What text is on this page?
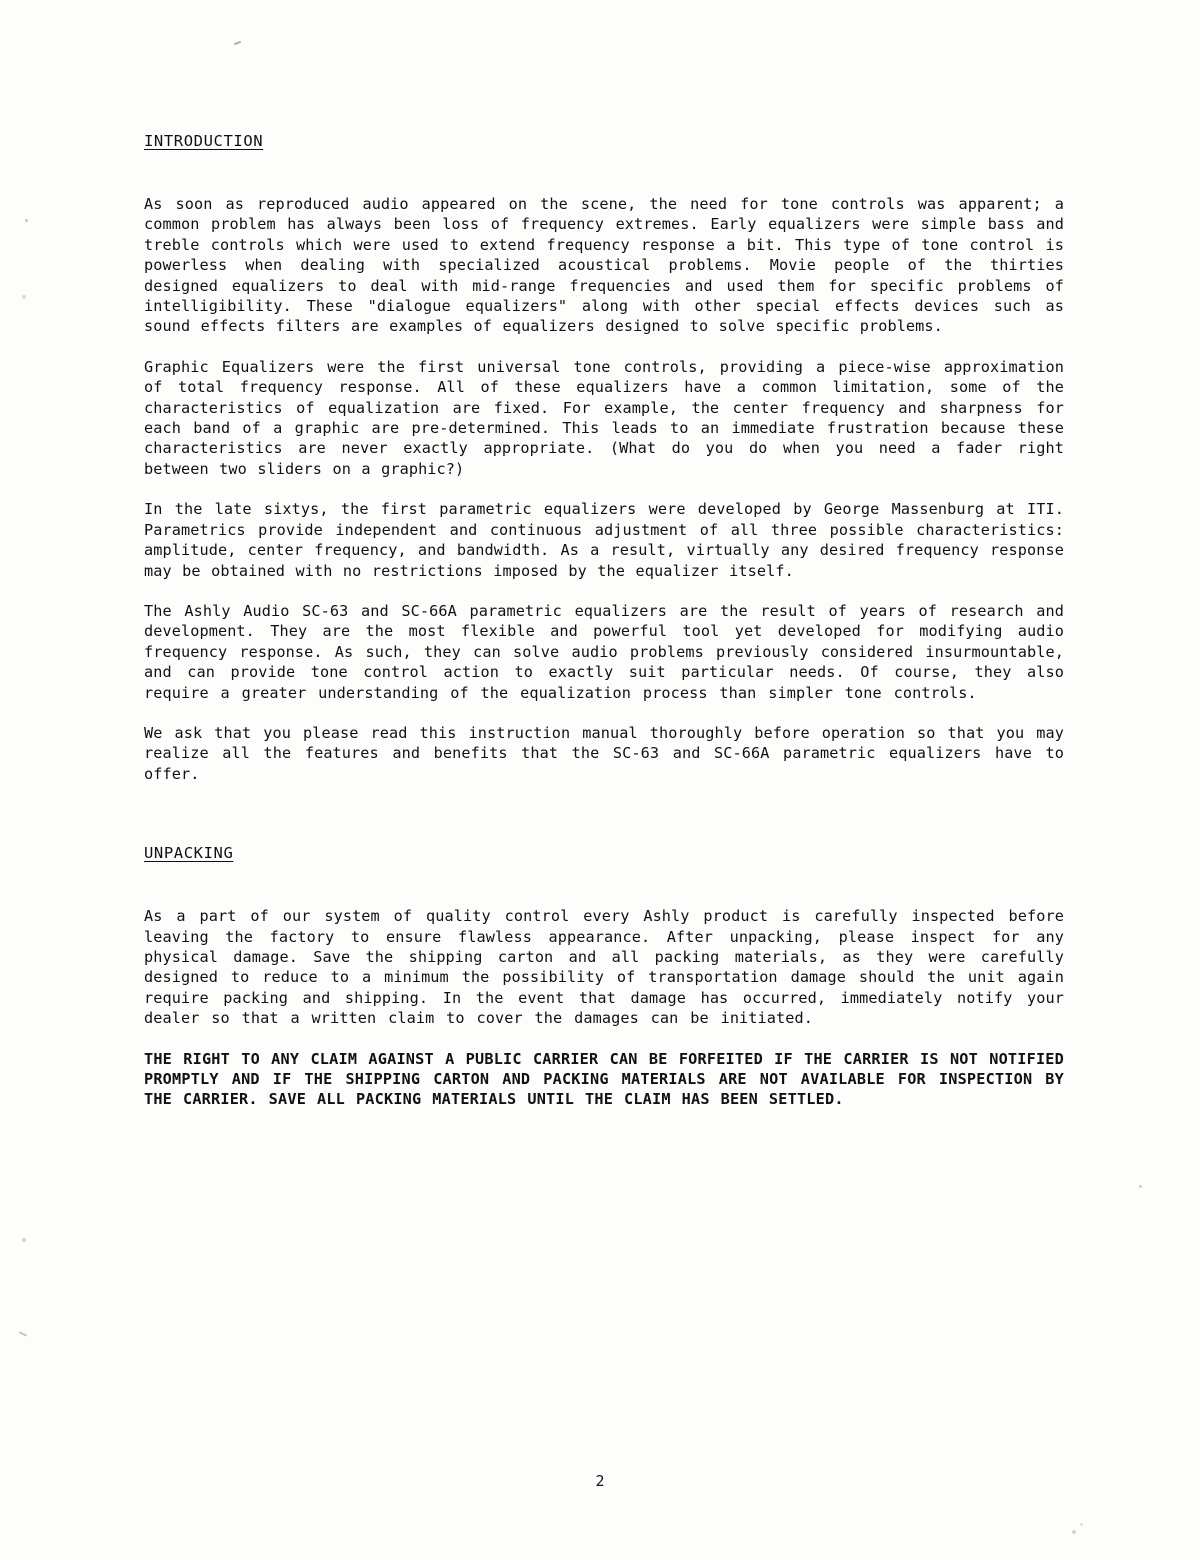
INTRODUCTION

As soon as reproduced audio appeared on the scene, the need for tone controls was apparent; a common problem has always been loss of frequency extremes. Early equalizers were simple bass and treble controls which were used to extend frequency response a bit. This type of tone control is powerless when dealing with specialized acoustical problems. Movie people of the thirties designed equalizers to deal with mid-range frequencies and used them for specific problems of intelligibility. These "dialogue equalizers" along with other special effects devices such as sound effects filters are examples of equalizers designed to solve specific problems.

Graphic Equalizers were the first universal tone controls, providing a piece-wise approximation of total frequency response. All of these equalizers have a common limitation, some of the characteristics of equalization are fixed. For example, the center frequency and sharpness for each band of a graphic are pre-determined. This leads to an immediate frustration because these characteristics are never exactly appropriate. (What do you do when you need a fader right between two sliders on a graphic?)

In the late sixtys, the first parametric equalizers were developed by George Massenburg at ITI. Parametrics provide independent and continuous adjustment of all three possible characteristics: amplitude, center frequency, and bandwidth. As a result, virtually any desired frequency response may be obtained with no restrictions imposed by the equalizer itself.

The Ashly Audio SC-63 and SC-66A parametric equalizers are the result of years of research and development. They are the most flexible and powerful tool yet developed for modifying audio frequency response. As such, they can solve audio problems previously considered insurmountable, and can provide tone control action to exactly suit particular needs. Of course, they also require a greater understanding of the equalization process than simpler tone controls.

We ask that you please read this instruction manual thoroughly before operation so that you may realize all the features and benefits that the SC-63 and SC-66A parametric equalizers have to offer.

UNPACKING

As a part of our system of quality control every Ashly product is carefully inspected before leaving the factory to ensure flawless appearance. After unpacking, please inspect for any physical damage. Save the shipping carton and all packing materials, as they were carefully designed to reduce to a minimum the possibility of transportation damage should the unit again require packing and shipping. In the event that damage has occurred, immediately notify your dealer so that a written claim to cover the damages can be initiated.

THE RIGHT TO ANY CLAIM AGAINST A PUBLIC CARRIER CAN BE FORFEITED IF THE CARRIER IS NOT NOTIFIED PROMPTLY AND IF THE SHIPPING CARTON AND PACKING MATERIALS ARE NOT AVAILABLE FOR INSPECTION BY THE CARRIER. SAVE ALL PACKING MATERIALS UNTIL THE CLAIM HAS BEEN SETTLED.

2
